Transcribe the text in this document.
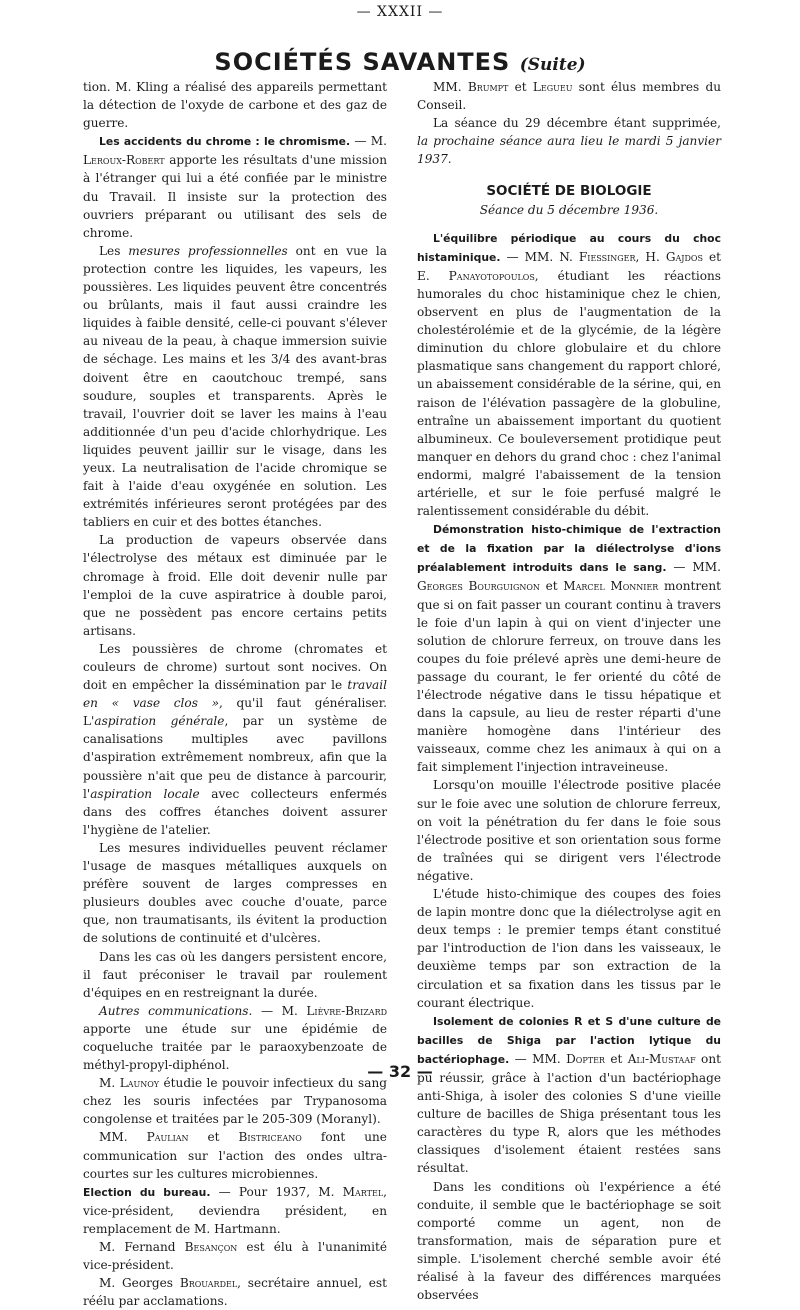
— XXXII —
SOCIÉTÉS SAVANTES (Suite)

tion. M. Kling a réalisé des appareils permettant la détection de l'oxyde de carbone et des gaz de guerre.

Les accidents du chrome : le chromisme. — M. Leroux-Robert apporte les résultats d'une mission à l'étranger qui lui a été confiée par le ministre du Travail. Il insiste sur la protection des ouvriers préparant ou utilisant des sels de chrome.

Les mesures professionnelles ont en vue la protection contre les liquides, les vapeurs, les poussières. Les liquides peuvent être concentrés ou brûlants, mais il faut aussi craindre les liquides à faible densité, celle-ci pouvant s'élever au niveau de la peau, à chaque immersion suivie de séchage. Les mains et les 3/4 des avant-bras doivent être en caoutchouc trempé, sans soudure, souples et transparents. Après le travail, l'ouvrier doit se laver les mains à l'eau additionnée d'un peu d'acide chlorhydrique. Les liquides peuvent jaillir sur le visage, dans les yeux. La neutralisation de l'acide chromique se fait à l'aide d'eau oxygénée en solution. Les extrémités inférieures seront protégées par des tabliers en cuir et des bottes étanches.

La production de vapeurs observée dans l'électrolyse des métaux est diminuée par le chromage à froid. Elle doit devenir nulle par l'emploi de la cuve aspiratrice à double paroi, que ne possèdent pas encore certains petits artisans.

Les poussières de chrome (chromates et couleurs de chrome) surtout sont nocives. On doit en empêcher la dissémination par le travail en « vase clos », qu'il faut généraliser. L'aspiration générale, par un système de canalisations multiples avec pavillons d'aspiration extrêmement nombreux, afin que la poussière n'ait que peu de distance à parcourir, l'aspiration locale avec collecteurs enfermés dans des coffres étanches doivent assurer l'hygiène de l'atelier.

Les mesures individuelles peuvent réclamer l'usage de masques métalliques auxquels on préfère souvent de larges compresses en plusieurs doubles avec couche d'ouate, parce que, non traumatisants, ils évitent la production de solutions de continuité et d'ulcères.

Dans les cas où les dangers persistent encore, il faut préconiser le travail par roulement d'équipes en en restreignant la durée.

Autres communications. — M. Lièvre-Brizard apporte une étude sur une épidémie de coqueluche traitée par le paraoxybenzoate de méthyl-propyl-diphénol.

M. Launoy étudie le pouvoir infectieux du sang chez les souris infectées par Trypanosoma congolense et traitées par le 205-309 (Moranyl).

MM. Paulian et Bistriceano font une communication sur l'action des ondes ultra-courtes sur les cultures microbiennes.

Election du bureau. — Pour 1937, M. Martel, vice-président, deviendra président, en remplacement de M. Hartmann.

M. Fernand Besançon est élu à l'unanimité vice-président.

M. Georges Brouardel, secrétaire annuel, est réélu par acclamations.

MM. Brumpt et Legueu sont élus membres du Conseil.

La séance du 29 décembre étant supprimée, la prochaine séance aura lieu le mardi 5 janvier 1937.

SOCIÉTÉ DE BIOLOGIE
Séance du 5 décembre 1936.

L'équilibre périodique au cours du choc histaminique. — MM. N. Fiessinger, H. Gajdos et E. Panayotopoulos, étudiant les réactions humorales du choc histaminique chez le chien, observent en plus de l'augmentation de la cholestérolémie et de la glycémie, de la légère diminution du chlore globulaire et du chlore plasmatique sans changement du rapport chloré, un abaissement considérable de la sérine, qui, en raison de l'élévation passagère de la globuline, entraîne un abaissement important du quotient albumineux. Ce bouleversement protidique peut manquer en dehors du grand choc : chez l'animal endormi, malgré l'abaissement de la tension artérielle, et sur le foie perfusé malgré le ralentissement considérable du débit.

Démonstration histo-chimique de l'extraction et de la fixation par la diélectrolyse d'ions préalablement introduits dans le sang. — MM. Georges Bourguignon et Marcel Monnier montrent que si on fait passer un courant continu à travers le foie d'un lapin à qui on vient d'injecter une solution de chlorure ferreux, on trouve dans les coupes du foie prélevé après une demi-heure de passage du courant, le fer orienté du côté de l'électrode négative dans le tissu hépatique et dans la capsule, au lieu de rester réparti d'une manière homogène dans l'intérieur des vaisseaux, comme chez les animaux à qui on a fait simplement l'injection intraveineuse.

Lorsqu'on mouille l'électrode positive placée sur le foie avec une solution de chlorure ferreux, on voit la pénétration du fer dans le foie sous l'électrode positive et son orientation sous forme de traînées qui se dirigent vers l'électrode négative.

L'étude histo-chimique des coupes des foies de lapin montre donc que la diélectrolyse agit en deux temps : le premier temps étant constitué par l'introduction de l'ion dans les vaisseaux, le deuxième temps par son extraction de la circulation et sa fixation dans les tissus par le courant électrique.

Isolement de colonies R et S d'une culture de bacilles de Shiga par l'action lytique du bactériophage. — MM. Dopter et Ali-Mustaaf ont pu réussir, grâce à l'action d'un bactériophage anti-Shiga, à isoler des colonies S d'une vieille culture de bacilles de Shiga présentant tous les caractères du type R, alors que les méthodes classiques d'isolement étaient restées sans résultat.

Dans les conditions où l'expérience a été conduite, il semble que le bactériophage se soit comporté comme un agent, non de transformation, mais de séparation pure et simple. L'isolement cherché semble avoir été réalisé à la faveur des différences marquées observées

— 32 —
